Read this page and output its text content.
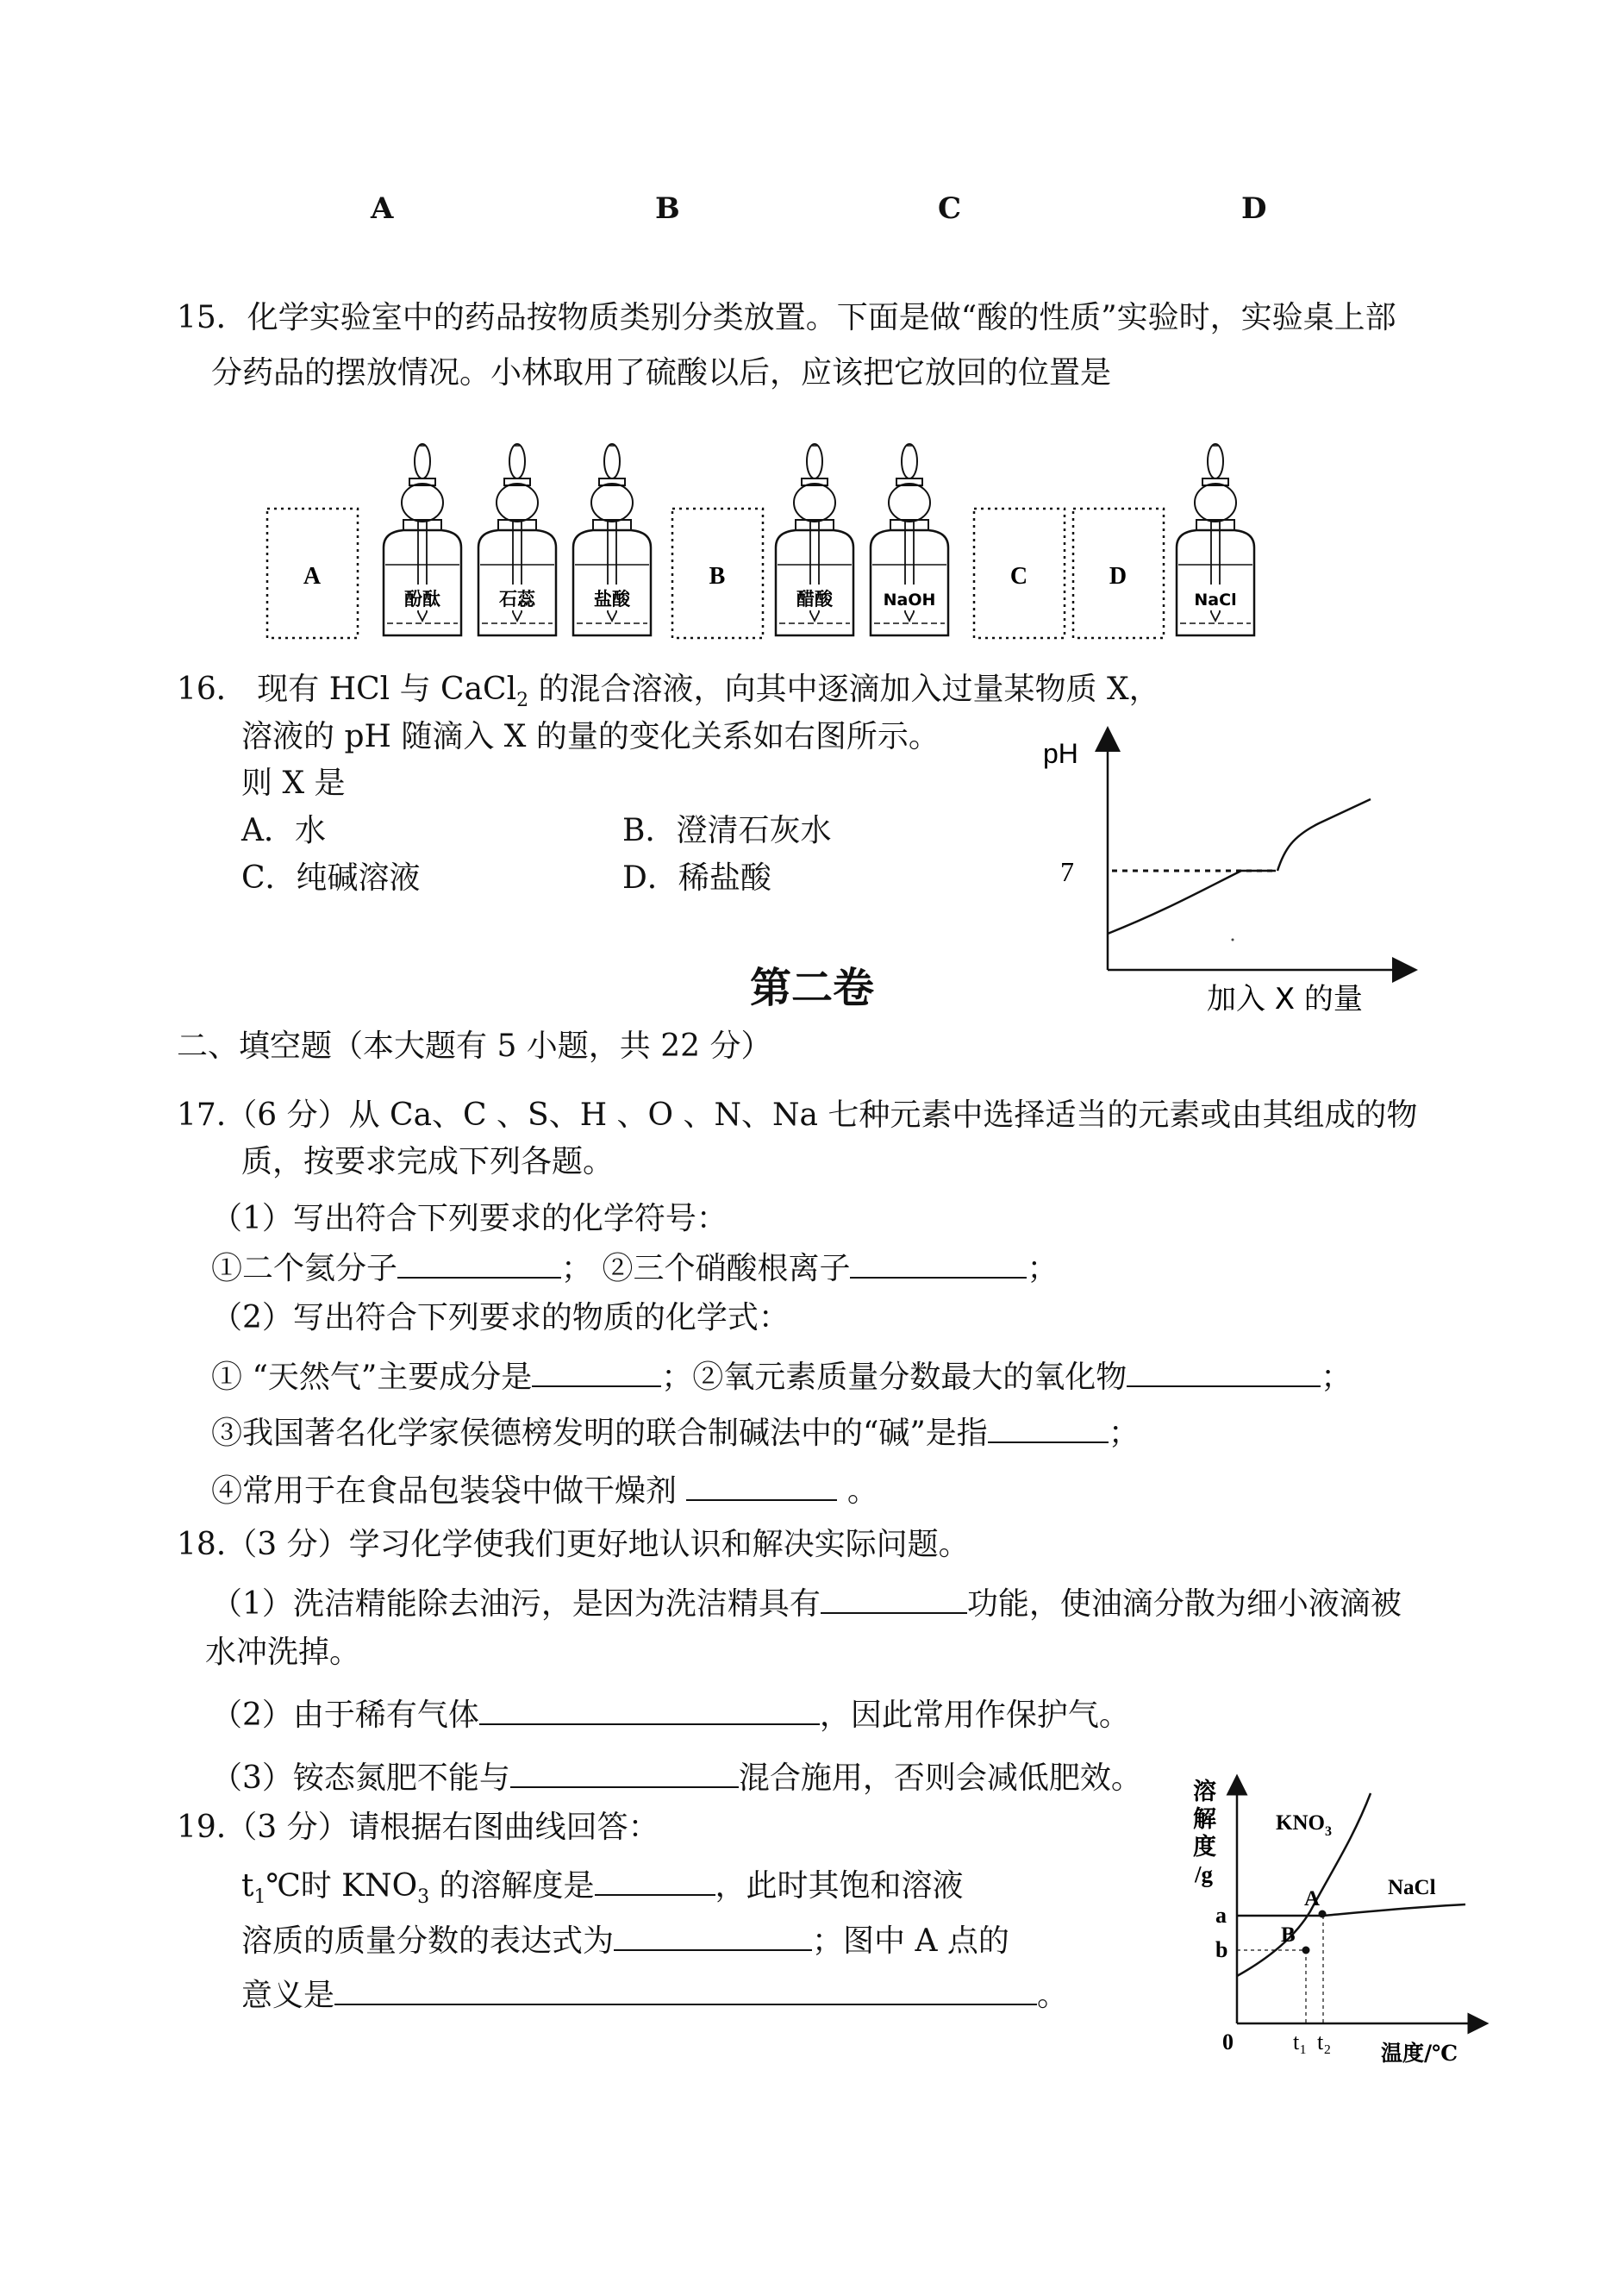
A	B	C	D
15．化学实验室中的药品按物质类别分类放置。下面是做“酸的性质”实验时，实验桌上部
分药品的摆放情况。小林取用了硫酸以后，应该把它放回的位置是
A
酚酞	石蕊	盐酸
B
醋酸	NaOH
C	D
NaCl
16． 现有 HCl 与 CaCl$_2$ 的混合溶液，向其中逐滴加入过量某物质 X，
溶液的 pH 随滴入 X 的量的变化关系如右图所示。
则 X 是
A．水	B．澄清石灰水
C．纯碱溶液	D．稀盐酸
pH
7
加入 X 的量
第二卷
二、填空题（本大题有 5 小题，共 22 分）
17.（6 分）从 Ca、C 、S、H 、O 、N、Na 七种元素中选择适当的元素或由其组成的物
质，按要求完成下列各题。
（1）写出符合下列要求的化学符号：
①二个氦分子	； ②三个硝酸根离子	；
（2）写出符合下列要求的物质的化学式：
① “天然气”主要成分是	；②氧元素质量分数最大的氧化物	；
③我国著名化学家侯德榜发明的联合制碱法中的“碱”是指	；
④常用于在食品包装袋中做干燥剂	。
18.（3 分）学习化学使我们更好地认识和解决实际问题。
（1）洗洁精能除去油污，是因为洗洁精具有	功能，使油滴分散为细小液滴被
水冲洗掉。
（2）由于稀有气体	，因此常用作保护气。
（3）铵态氮肥不能与	混合施用，否则会减低肥效。
19.（3 分）请根据右图曲线回答：
$t_1℃$时 $KNO_3$ 的溶解度是	，此时其饱和溶液
溶质的质量分数的表达式为	；图中 A 点的
意义是	。
溶
解
度
/g
$KNO_3$
NaCl
A
B
a
b
0	t₁ t₂ 温度/℃
